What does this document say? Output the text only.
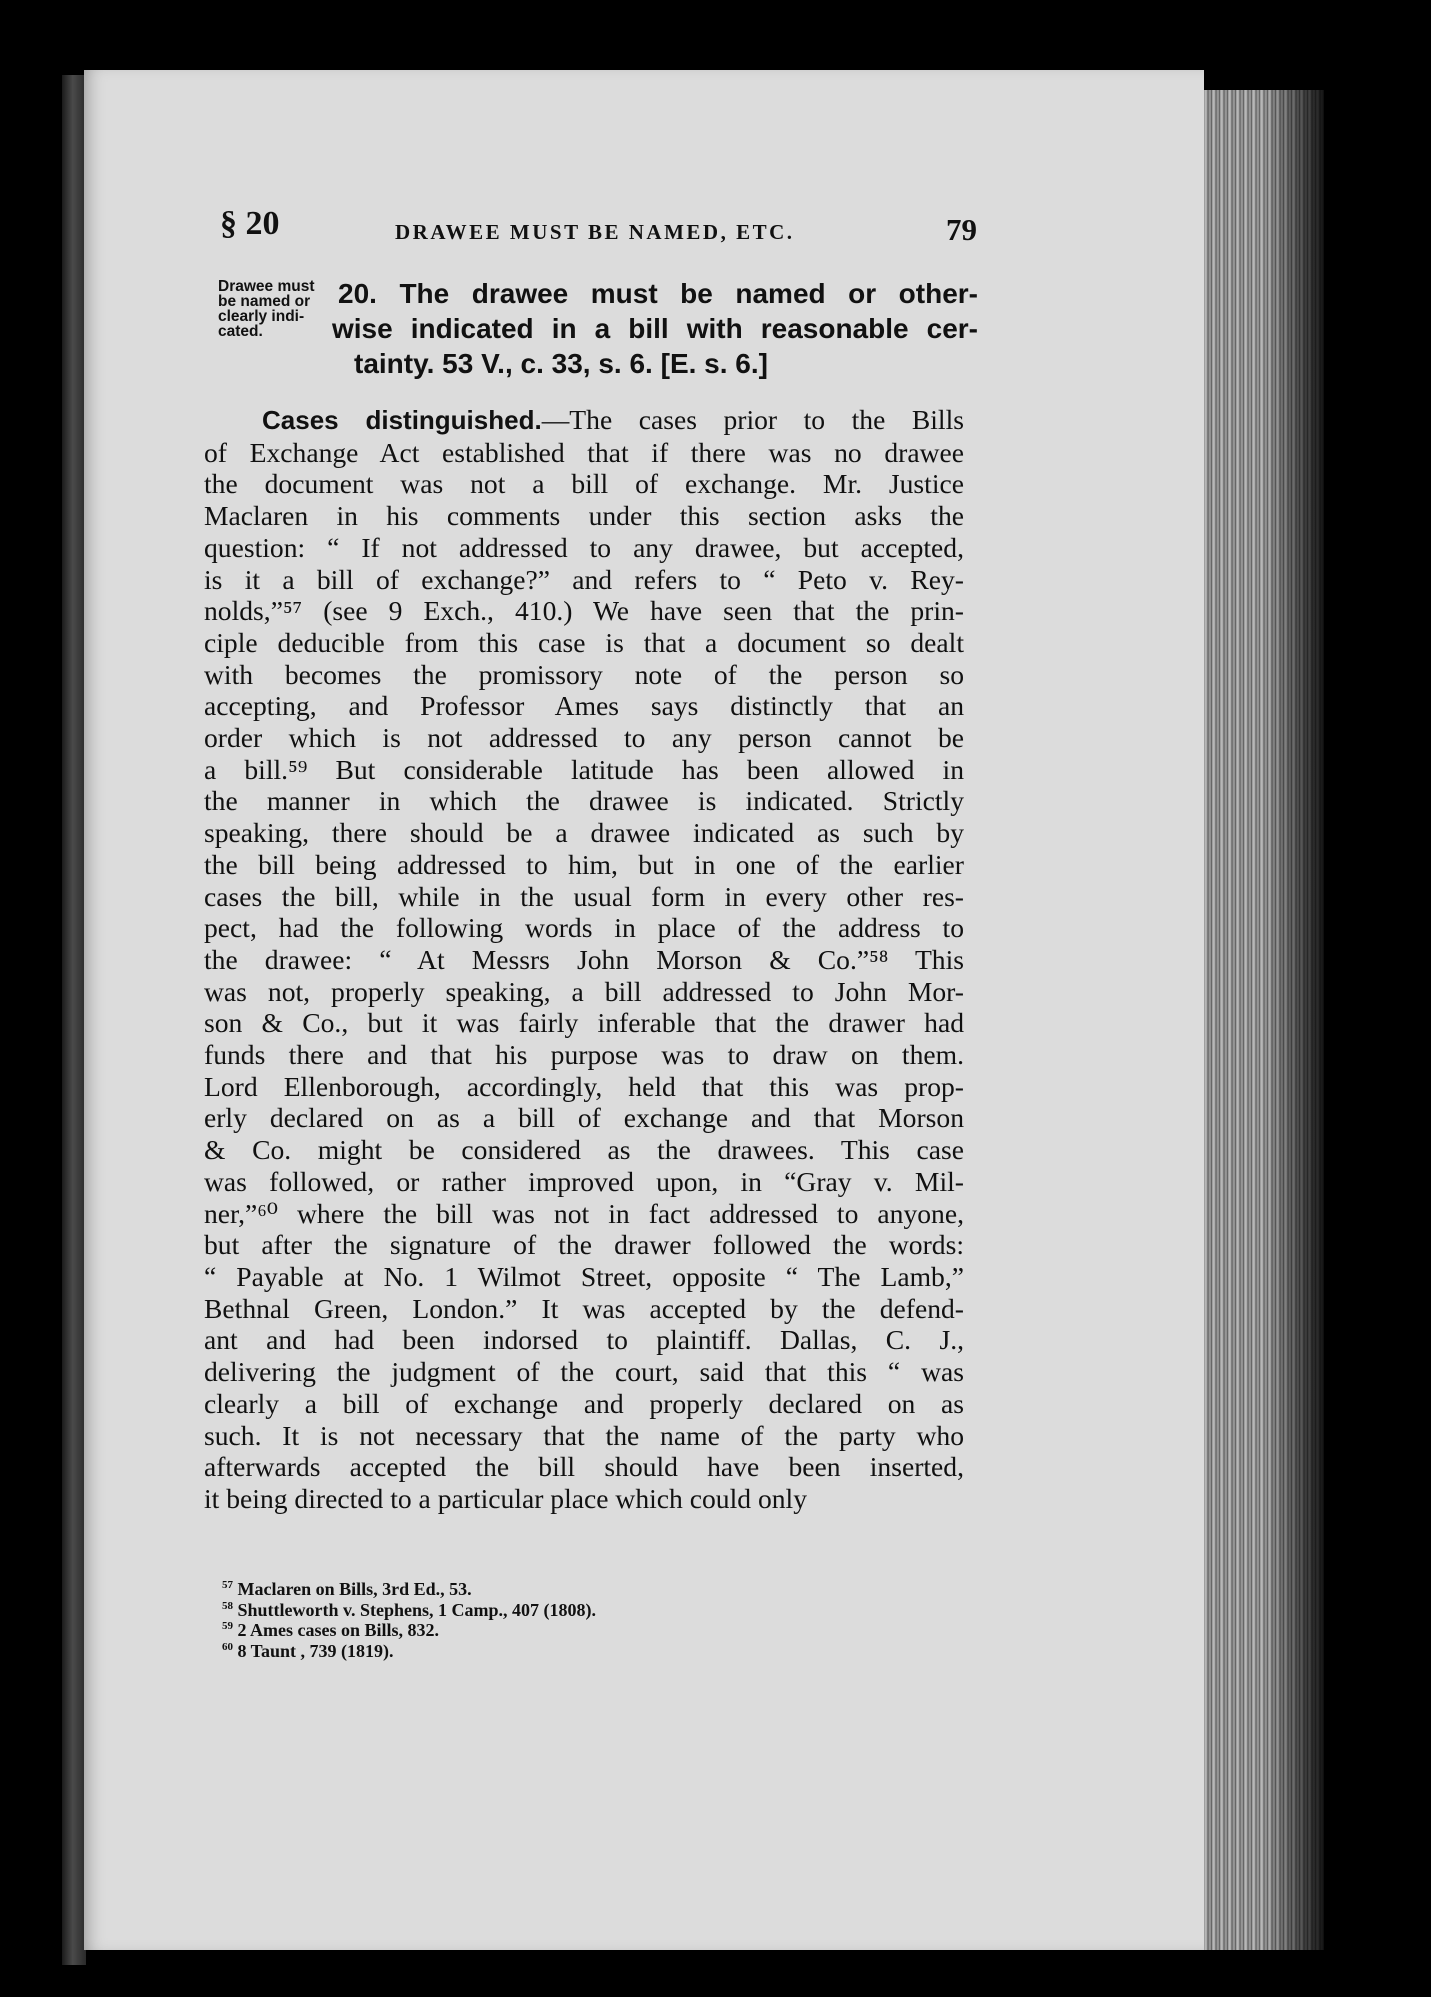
§ 20	DRAWEE MUST BE NAMED, ETC.	79
Drawee must
be named or
clearly indi-
cated.
20. The drawee must be named or other-
wise indicated in a bill with reasonable cer-
tainty. 53 V., c. 33, s. 6. [E. s. 6.]
Cases distinguished.—The cases prior to the Bills
of Exchange Act established that if there was no drawee
the document was not a bill of exchange. Mr. Justice
Maclaren in his comments under this section asks the
question: “ If not addressed to any drawee, but accepted,
is it a bill of exchange?” and refers to “ Peto v. Rey-
nolds,”⁵⁷ (see 9 Exch., 410.) We have seen that the prin-
ciple deducible from this case is that a document so dealt
with becomes the promissory note of the person so
accepting, and Professor Ames says distinctly that an
order which is not addressed to any person cannot be
a bill.⁵⁹ But considerable latitude has been allowed in
the manner in which the drawee is indicated. Strictly
speaking, there should be a drawee indicated as such by
the bill being addressed to him, but in one of the earlier
cases the bill, while in the usual form in every other res-
pect, had the following words in place of the address to
the drawee: “ At Messrs John Morson & Co.”⁵⁸ This
was not, properly speaking, a bill addressed to John Mor-
son & Co., but it was fairly inferable that the drawer had
funds there and that his purpose was to draw on them.
Lord Ellenborough, accordingly, held that this was prop-
erly declared on as a bill of exchange and that Morson
& Co. might be considered as the drawees. This case
was followed, or rather improved upon, in “Gray v. Mil-
ner,”⁶⁰ where the bill was not in fact addressed to anyone,
but after the signature of the drawer followed the words:
“ Payable at No. 1 Wilmot Street, opposite “ The Lamb,”
Bethnal Green, London.” It was accepted by the defend-
ant and had been indorsed to plaintiff. Dallas, C. J.,
delivering the judgment of the court, said that this “ was
clearly a bill of exchange and properly declared on as
such. It is not necessary that the name of the party who
afterwards accepted the bill should have been inserted,
it being directed to a particular place which could only
$^{57}$ Maclaren on Bills, 3rd Ed., 53.
$^{58}$ Shuttleworth v. Stephens, 1 Camp., 407 (1808).
$^{59}$ 2 Ames cases on Bills, 832.
$^{60}$ 8 Taunt , 739 (1819).
